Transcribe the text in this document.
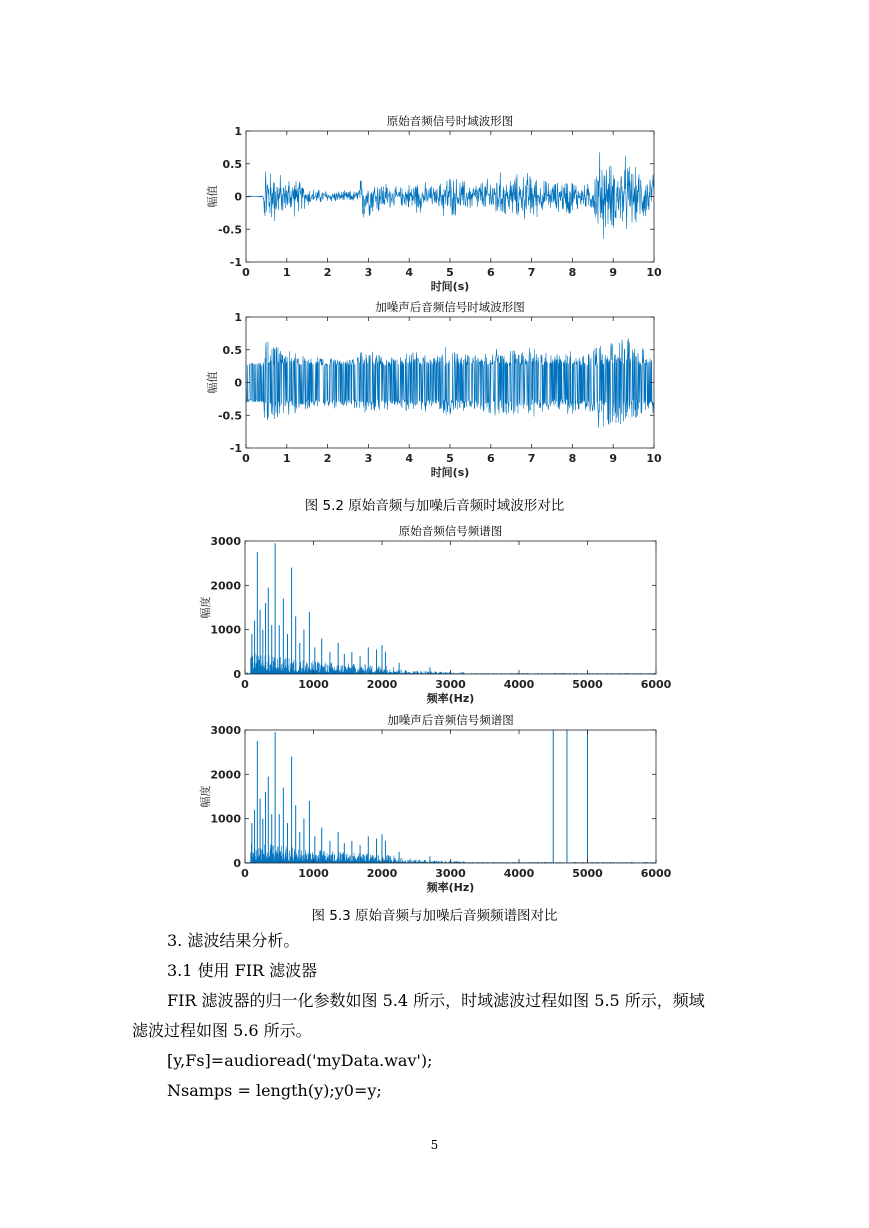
原始音频信号时域波形图
0	1	2	3	4	5	6	7	8	9	10
1
0.5
0
-0.5
-1
时间(s)
幅值
加噪声后音频信号时域波形图
0	1	2	3	4	5	6	7	8	9	10
1
0.5
0
-0.5
-1
时间(s)
幅值
图 5.2 原始音频与加噪后音频时域波形对比
原始音频信号频谱图
0	1000	2000	3000	4000	5000	6000
3000
2000
1000
0
频率(Hz)
幅度
加噪声后音频信号频谱图
0	1000	2000	3000	4000	5000	6000
3000
2000
1000
0
频率(Hz)
幅度
图 5.3 原始音频与加噪后音频频谱图对比
3. 滤波结果分析。
3.1 使用 FIR 滤波器
FIR 滤波器的归一化参数如图 5.4 所示，时域滤波过程如图 5.5 所示，频域
滤波过程如图 5.6 所示。
[y,Fs]=audioread('myData.wav');
Nsamps = length(y);y0=y;
5
